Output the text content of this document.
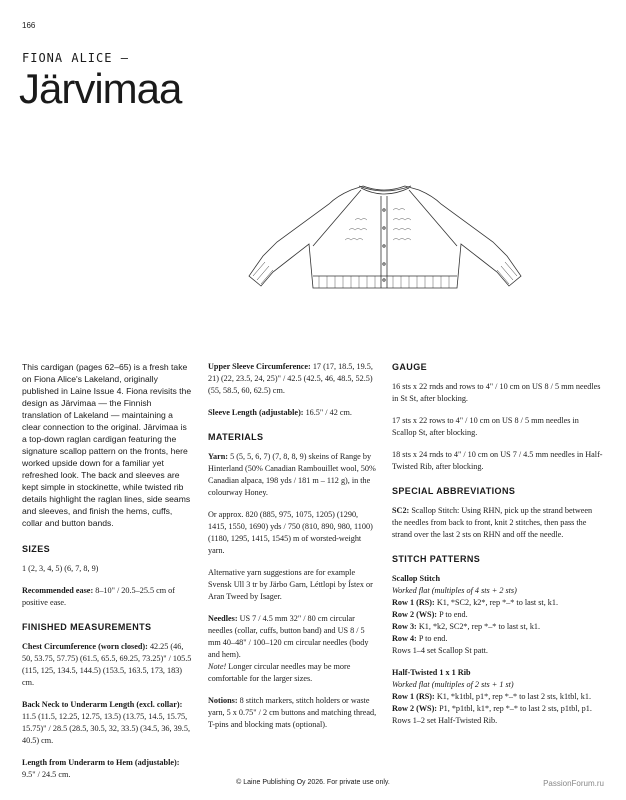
166
FIONA ALICE —
Järvimaa

This cardigan (pages 62–65) is a fresh take on Fiona Alice's Lakeland, originally published in Laine Issue 4. Fiona revisits the design as Järvimaa — the Finnish translation of Lakeland — maintaining a clear connection to the original. Järvimaa is a top-down raglan cardigan featuring the signature scallop pattern on the fronts, here worked upside down for a familiar yet refreshed look. The back and sleeves are kept simple in stockinette, while twisted rib details highlight the raglan lines, side seams and sleeves, and finish the hems, cuffs, collar and button bands.

SIZES

1 (2, 3, 4, 5) (6, 7, 8, 9)

Recommended ease: 8–10" / 20.5–25.5 cm of positive ease.

FINISHED MEASUREMENTS

Chest Circumference (worn closed): 42.25 (46, 50, 53.75, 57.75) (61.5, 65.5, 69.25, 73.25)" / 105.5 (115, 125, 134.5, 144.5) (153.5, 163.5, 173, 183) cm.

Back Neck to Underarm Length (excl. collar): 11.5 (11.5, 12.25, 12.75, 13.5) (13.75, 14.5, 15.75, 15.75)" / 28.5 (28.5, 30.5, 32, 33.5) (34.5, 36, 39.5, 40.5) cm.

Length from Underarm to Hem (adjustable):
9.5" / 24.5 cm.

Upper Sleeve Circumference: 17 (17, 18.5, 19.5, 21) (22, 23.5, 24, 25)" / 42.5 (42.5, 46, 48.5, 52.5) (55, 58.5, 60, 62.5) cm.

Sleeve Length (adjustable): 16.5" / 42 cm.

MATERIALS

Yarn: 5 (5, 5, 6, 7) (7, 8, 8, 9) skeins of Range by Hinterland (50% Canadian Rambouillet wool, 50% Canadian alpaca, 198 yds / 181 m – 112 g), in the colourway Honey.

Or approx. 820 (885, 975, 1075, 1205) (1290, 1415, 1550, 1690) yds / 750 (810, 890, 980, 1100) (1180, 1295, 1415, 1545) m of worsted-weight yarn.

Alternative yarn suggestions are for example Svensk Ull 3 tr by Järbo Garn, Léttlopi by Ístex or Aran Tweed by Isager.

Needles: US 7 / 4.5 mm 32" / 80 cm circular needles (collar, cuffs, button band) and US 8 / 5 mm 40–48" / 100–120 cm circular needles (body and hem).

Note! Longer circular needles may be more comfortable for the larger sizes.

Notions: 8 stitch markers, stitch holders or waste yarn, 5 x 0.75" / 2 cm buttons and matching thread, T-pins and blocking mats (optional).

GAUGE

16 sts x 22 rnds and rows to 4" / 10 cm on US 8 / 5 mm needles in St St, after blocking.

17 sts x 22 rows to 4" / 10 cm on US 8 / 5 mm needles in Scallop St, after blocking.

18 sts x 24 rnds to 4" / 10 cm on US 7 / 4.5 mm needles in Half-Twisted Rib, after blocking.

SPECIAL ABBREVIATIONS

SC2: Scallop Stitch: Using RHN, pick up the strand between the needles from back to front, knit 2 stitches, then pass the strand over the last 2 sts on RHN and off the needle.

STITCH PATTERNS

Scallop Stitch

Worked flat (multiples of 4 sts + 2 sts)

Row 1 (RS): K1, *SC2, k2*, rep *–* to last st, k1.

Row 2 (WS): P to end.

Row 3: K1, *k2, SC2*, rep *–* to last st, k1.

Row 4: P to end.

Rows 1–4 set Scallop St patt.

Half-Twisted 1 x 1 Rib

Worked flat (multiples of 2 sts + 1 st)

Row 1 (RS): K1, *k1tbl, p1*, rep *–* to last 2 sts, k1tbl, k1.

Row 2 (WS): P1, *p1tbl, k1*, rep *–* to last 2 sts, p1tbl, p1.

Rows 1–2 set Half-Twisted Rib.

© Laine Publishing Oy 2026. For private use only.	PassionForum.ru
